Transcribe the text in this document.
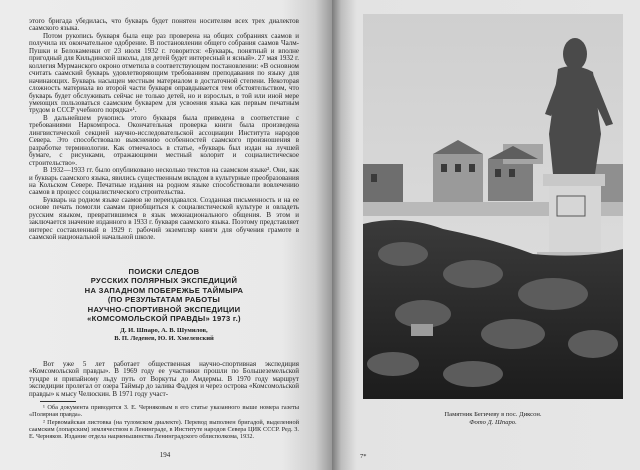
этого бригада убедилась, что букварь будет понятен носителям всех трех диалектов саамского языка.

Потом рукопись букваря была еще раз проверена на общих собраниях саамов и получила их окончательное одобрение. В постановлении общего собрания саамов Чалм-Пушки и Белокаменки от 23 июля 1932 г. говорится: «Букварь, понятный и вполне пригодный для Кильдинской школы, для детей будет интересный и ясный». 27 мая 1932 г. коллегия Мурманского окроно отметила в соответствующем постановлении: «В основном считать саамский букварь удовлетворяющим требованиям преподавания по языку для начинающих. Букварь насыщен местным материалом в достаточной степени. Некоторая сложность материала во второй части букваря оправдывается тем обстоятельством, что букварь будет обслуживать сейчас не только детей, но и взрослых, в той или иной мере умеющих пользоваться саамским букварем для усвоения языка как первым печатным трудом в СССР учебного порядка»¹.

В дальнейшем рукопись этого букваря была приведена в соответствие с требованиями Наркомпроса. Окончательная проверка книги была произведена лингвистической секцией научно-исследовательской ассоциации Института народов Севера. Это способствовало выяснению особенностей саамского произношения в разработке терминологии. Как отмечалось в статье, «букварь был издан на лучшей бумаге, с рисунками, отражающими местный колорит и социалистическое строительство».

В 1932—1933 гг. было опубликовано несколько текстов на саамском языке². Они, как и букварь саамского языка, явились существенным вкладом в культурные преобразования на Кольском Севере. Печатные издания на родном языке способствовали вовлечению саамов в процесс социалистического строительства.

Букварь на родном языке саамов не переиздавался. Созданная письменность и на ее основе печать помогли саамам приобщиться к социалистической культуре и овладеть русским языком, превратившимся в язык межнационального общения. В этом и заключается значение изданного в 1933 г. букваря саамского языка. Поэтому представляет интерес составленный в 1929 г. рабочий экземпляр книги для обучения грамоте в саамской национальной начальной школе.

ПОИСКИ СЛЕДОВ
РУССКИХ ПОЛЯРНЫХ ЭКСПЕДИЦИЙ
НА ЗАПАДНОМ ПОБЕРЕЖЬЕ ТАЙМЫРА
(ПО РЕЗУЛЬТАТАМ РАБОТЫ
НАУЧНО-СПОРТИВНОЙ ЭКСПЕДИЦИИ
«КОМСОМОЛЬСКОЙ ПРАВДЫ» 1973 г.)
Д. И. Шпаро, А. В. Шумилов,
В. П. Леденев, Ю. И. Хмелевский

Вот уже 5 лет работает общественная научно-спортивная экспедиция «Комсомольской правды». В 1969 году ее участники прошли по Большеземельской тундре и припайному льду путь от Воркуты до Амдермы. В 1970 году маршрут экспедиции пролегал от озера Таймыр до залива Фаддея и через острова «Комсомольской правды» к мысу Челюскин. В 1971 году участ-

¹ Оба документа приводятся З. Е. Черняковым в его статье указанного выше номера газеты «Полярная правда».

² Первомайская листовка (на туломском диалекте). Перевод выполнен бригадой, выделенной саамским (лопарским) землячеством в Ленинграде, в Институте народов Севера ЦИК СССР. Ред. З. Е. Черняков. Издание отдела нацменьшинства Ленинградского облисполкома, 1932.

194
Памятник Бегичеву в пос. Диксон.
Фото Д. Шпаро.
7*
